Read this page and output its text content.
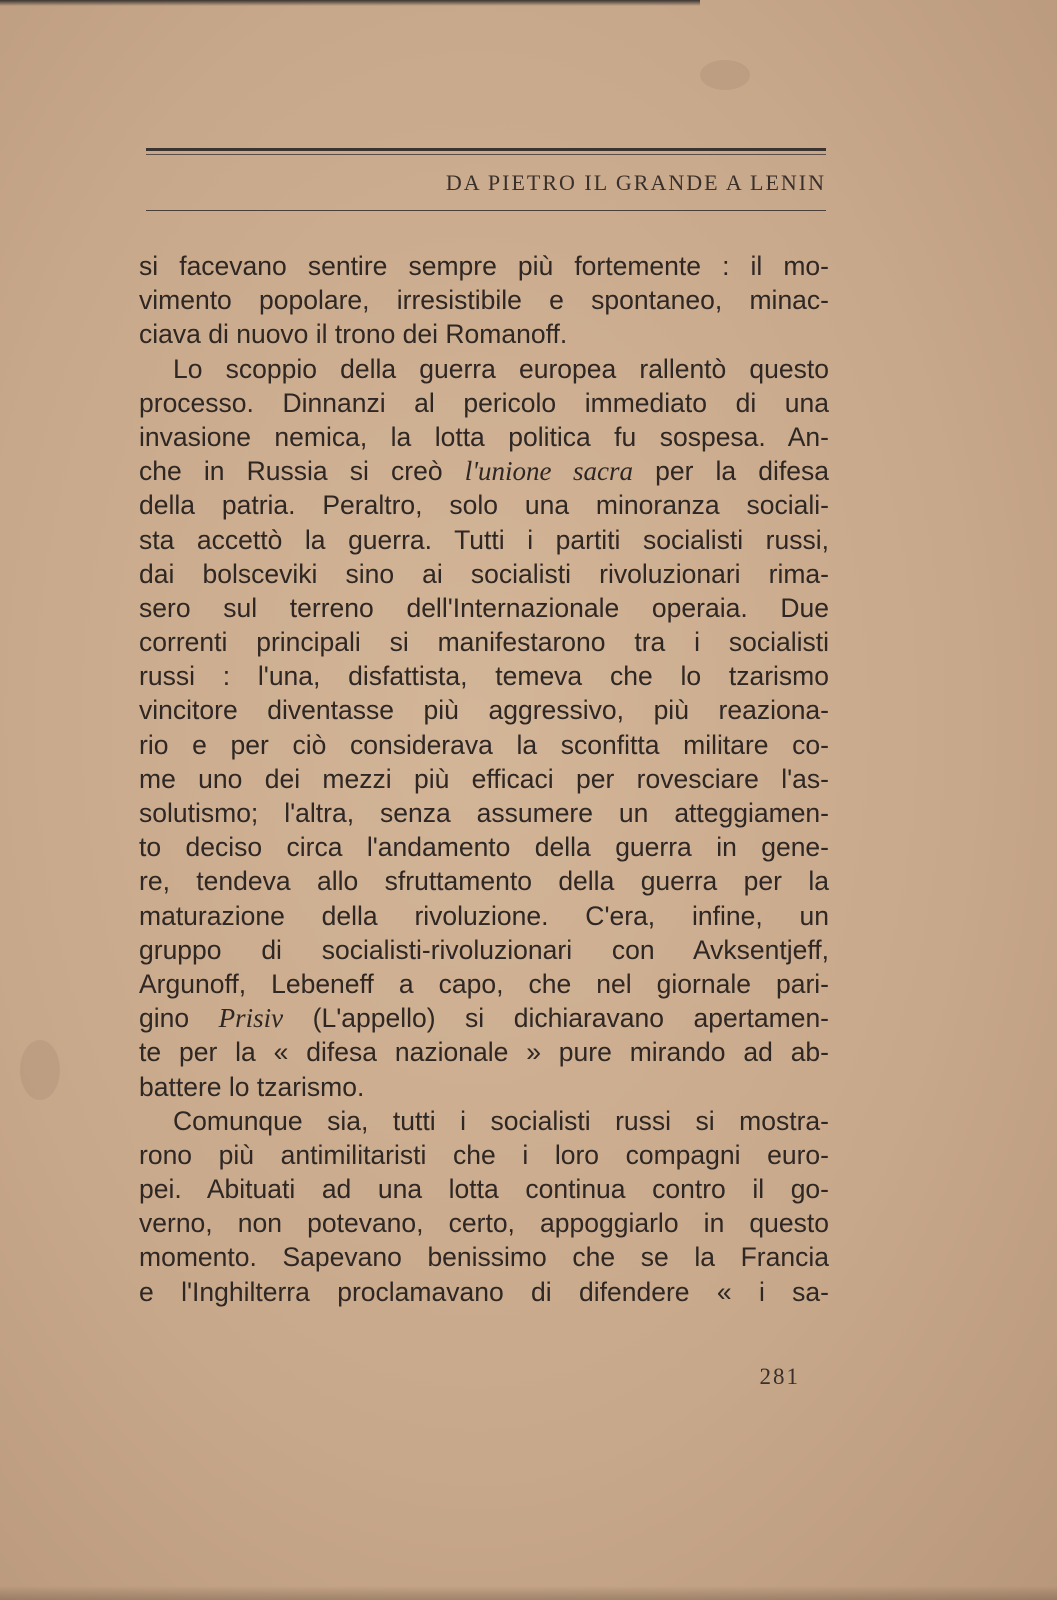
DA PIETRO IL GRANDE A LENIN
si facevano sentire sempre più fortemente : il mo-
vimento popolare, irresistibile e spontaneo, minac-
ciava di nuovo il trono dei Romanoff.
Lo scoppio della guerra europea rallentò questo
processo. Dinnanzi al pericolo immediato di una
invasione nemica, la lotta politica fu sospesa. An-
che in Russia si creò l'unione sacra per la difesa
della patria. Peraltro, solo una minoranza sociali-
sta accettò la guerra. Tutti i partiti socialisti russi,
dai bolsceviki sino ai socialisti rivoluzionari rima-
sero sul terreno dell'Internazionale operaia. Due
correnti principali si manifestarono tra i socialisti
russi : l'una, disfattista, temeva che lo tzarismo
vincitore diventasse più aggressivo, più reaziona-
rio e per ciò considerava la sconfitta militare co-
me uno dei mezzi più efficaci per rovesciare l'as-
solutismo; l'altra, senza assumere un atteggiamen-
to deciso circa l'andamento della guerra in gene-
re, tendeva allo sfruttamento della guerra per la
maturazione della rivoluzione. C'era, infine, un
gruppo di socialisti-rivoluzionari con Avksentjeff,
Argunoff, Lebeneff a capo, che nel giornale pari-
gino Prisiv (L'appello) si dichiaravano apertamen-
te per la « difesa nazionale » pure mirando ad ab-
battere lo tzarismo.
Comunque sia, tutti i socialisti russi si mostra-
rono più antimilitaristi che i loro compagni euro-
pei. Abituati ad una lotta continua contro il go-
verno, non potevano, certo, appoggiarlo in questo
momento. Sapevano benissimo che se la Francia
e l'Inghilterra proclamavano di difendere « i sa-
281
